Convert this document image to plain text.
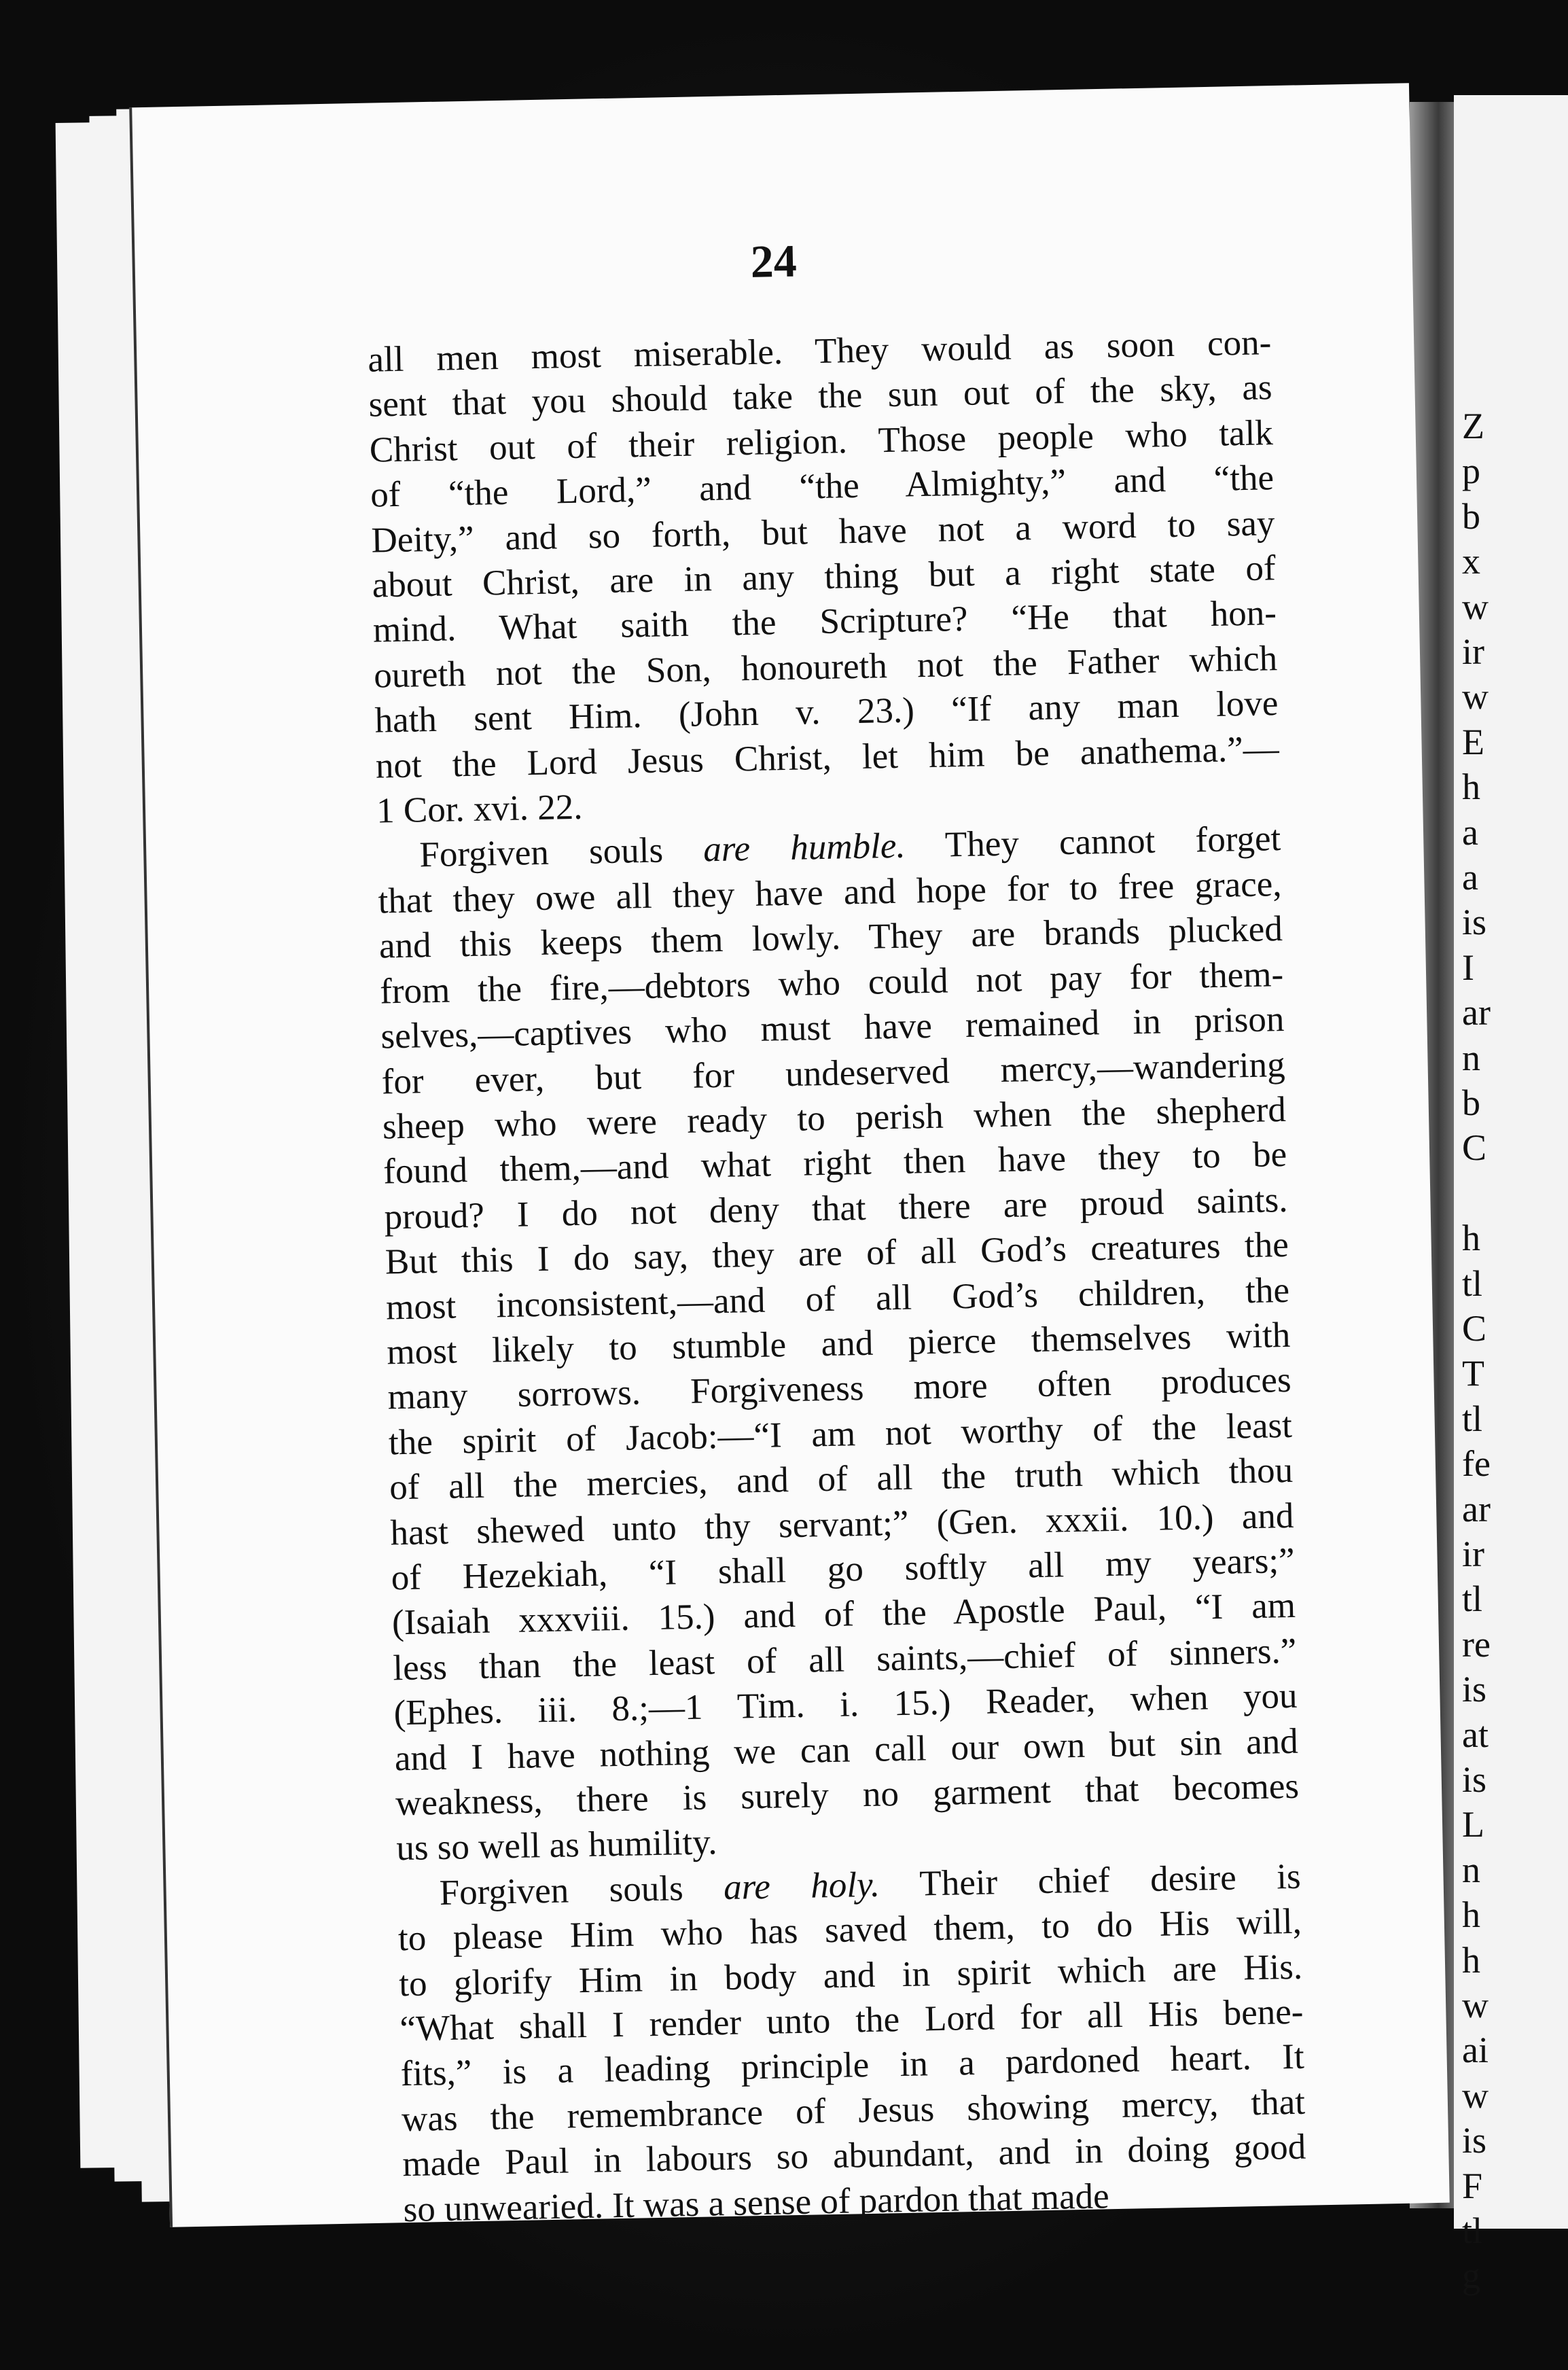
Z
p
b
x
w
ir
w
E
h
a
a
is
I
ar
n
b
C
h
tl
C
T
tl
fe
ar
ir
tl
re
is
at
is
L
n
h
h
w
ai
w
is
F
tl
g
24
all men most miserable. They would as soon con-
sent that you should take the sun out of the sky, as
Christ out of their religion. Those people who talk
of “the Lord,” and “the Almighty,” and “the
Deity,” and so forth, but have not a word to say
about Christ, are in any thing but a right state of
mind. What saith the Scripture? “He that hon-
oureth not the Son, honoureth not the Father which
hath sent Him. (John v. 23.) “If any man love
not the Lord Jesus Christ, let him be anathema.”—
1 Cor. xvi. 22.
Forgiven souls are humble. They cannot forget
that they owe all they have and hope for to free grace,
and this keeps them lowly. They are brands plucked
from the fire,—debtors who could not pay for them-
selves,—captives who must have remained in prison
for ever, but for undeserved mercy,—wandering
sheep who were ready to perish when the shepherd
found them,—and what right then have they to be
proud? I do not deny that there are proud saints.
But this I do say, they are of all God’s creatures the
most inconsistent,—and of all God’s children, the
most likely to stumble and pierce themselves with
many sorrows. Forgiveness more often produces
the spirit of Jacob:—“I am not worthy of the least
of all the mercies, and of all the truth which thou
hast shewed unto thy servant;” (Gen. xxxii. 10.) and
of Hezekiah, “I shall go softly all my years;”
(Isaiah xxxviii. 15.) and of the Apostle Paul, “I am
less than the least of all saints,—chief of sinners.”
(Ephes. iii. 8.;—1 Tim. i. 15.) Reader, when you
and I have nothing we can call our own but sin and
weakness, there is surely no garment that becomes
us so well as humility.
Forgiven souls are holy. Their chief desire is
to please Him who has saved them, to do His will,
to glorify Him in body and in spirit which are His.
“What shall I render unto the Lord for all His bene-
fits,” is a leading principle in a pardoned heart. It
was the remembrance of Jesus showing mercy, that
made Paul in labours so abundant, and in doing good
so unwearied. It was a sense of pardon that made
